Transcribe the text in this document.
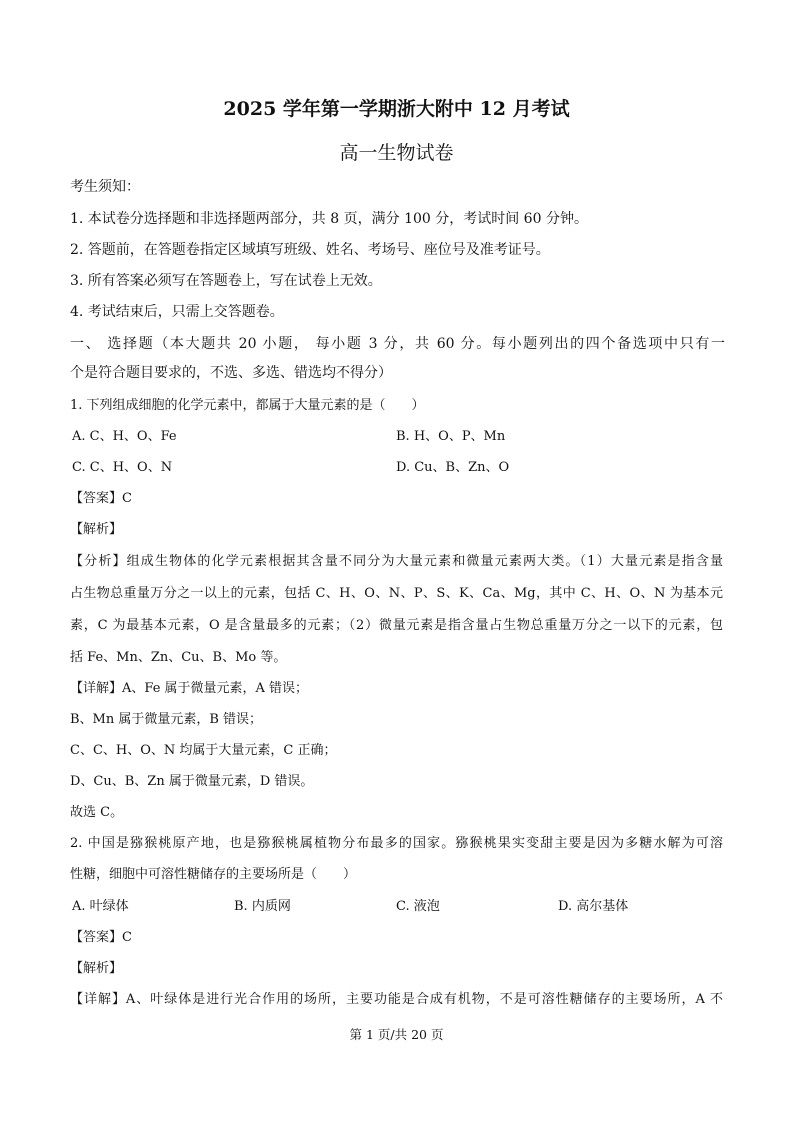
2025 学年第一学期浙大附中 12 月考试
高一生物试卷
考生须知：
1. 本试卷分选择题和非选择题两部分，共 8 页，满分 100 分，考试时间 60 分钟。
2. 答题前，在答题卷指定区域填写班级、姓名、考场号、座位号及准考证号。
3. 所有答案必须写在答题卷上，写在试卷上无效。
4. 考试结束后，只需上交答题卷。
一、 选择题（本大题共 20 小题， 每小题 3 分，共 60 分。每小题列出的四个备选项中只有一
个是符合题目要求的，不选、多选、错选均不得分）
1. 下列组成细胞的化学元素中，都属于大量元素的是（　　）
A. C、H、O、Fe	B. H、O、P、Mn
C. C、H、O、N	D. Cu、B、Zn、O
【答案】C
【解析】
【分析】组成生物体的化学元素根据其含量不同分为大量元素和微量元素两大类。（1）大量元素是指含量
占生物总重量万分之一以上的元素，包括 C、H、O、N、P、S、K、Ca、Mg，其中 C、H、O、N 为基本元
素，C 为最基本元素，O 是含量最多的元素；（2）微量元素是指含量占生物总重量万分之一以下的元素，包
括 Fe、Mn、Zn、Cu、B、Mo 等。
【详解】A、Fe 属于微量元素，A 错误；
B、Mn 属于微量元素，B 错误；
C、C、H、O、N 均属于大量元素，C 正确；
D、Cu、B、Zn 属于微量元素，D 错误。
故选 C。
2. 中国是猕猴桃原产地，也是猕猴桃属植物分布最多的国家。猕猴桃果实变甜主要是因为多糖水解为可溶
性糖，细胞中可溶性糖储存的主要场所是（　　）
A. 叶绿体	B. 内质网	C. 液泡	D. 高尔基体
【答案】C
【解析】
【详解】A、叶绿体是进行光合作用的场所，主要功能是合成有机物，不是可溶性糖储存的主要场所，A 不
第 1 页/共 20 页
